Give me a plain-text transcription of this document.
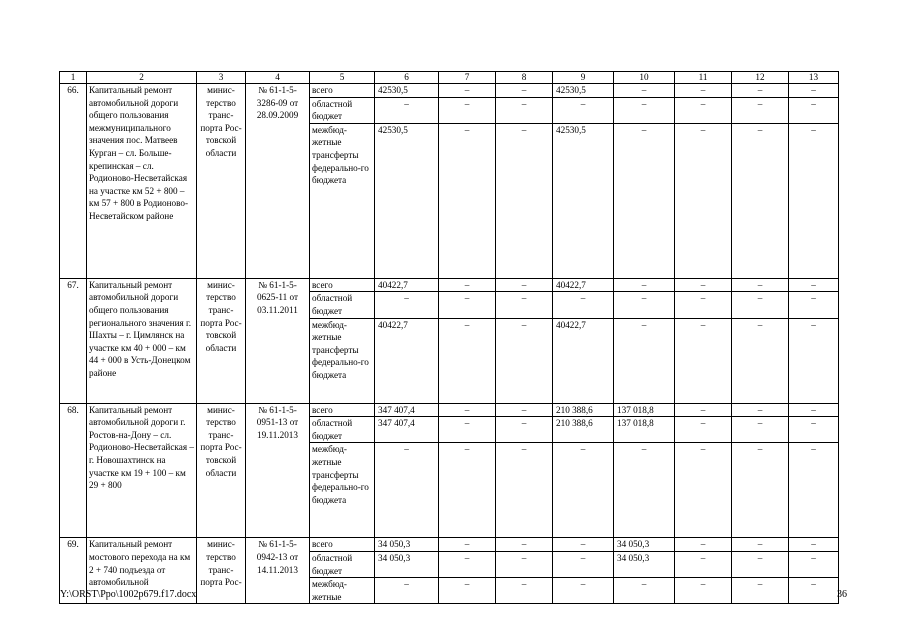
1	2	3	4	5	6	7	8	9	10	11	12	13
66.	Капитальный ремонт автомобильной дороги общего пользования межмуниципального значения пос. Матвеев Курган – сл. Больше-крепинская – сл. Родионово-Несветайская на участке км 52 + 800 – км 57 + 800 в Родионово-Несветайском районе	минис-терство транс-порта Рос-товской области	№ 61-1-5-3286-09 от 28.09.2009	всего	42530,5	–	–	42530,5	–	–	–	–
				областной бюджет	–	–	–	–	–	–	–	–
				межбюд-жетные трансферты федерально-го бюджета	42530,5	–	–	42530,5	–	–	–	–
67.	Капитальный ремонт автомобильной дороги общего пользования регионального значения г. Шахты – г. Цимлянск на участке км 40 + 000 – км 44 + 000 в Усть-Донецком районе	минис-терство транс-порта Рос-товской области	№ 61-1-5-0625-11 от 03.11.2011	всего	40422,7	–	–	40422,7	–	–	–	–
				областной бюджет	–	–	–	–	–	–	–	–
				межбюд-жетные трансферты федерально-го бюджета	40422,7	–	–	40422,7	–	–	–	–
68.	Капитальный ремонт автомобильной дороги г. Ростов-на-Дону – сл. Родионово-Несветайская – г. Новошахтинск на участке км 19 + 100 – км 29 + 800	минис-терство транс-порта Рос-товской области	№ 61-1-5-0951-13 от 19.11.2013	всего	347 407,4	–	–	210 388,6	137 018,8	–	–	–
				областной бюджет	347 407,4	–	–	210 388,6	137 018,8	–	–	–
				межбюд-жетные трансферты федерально-го бюджета	–	–	–	–	–	–	–	–
69.	Капитальный ремонт мостового перехода на км 2 + 740 подъезда от автомобильной	минис-терство транс-порта Рос-	№ 61-1-5-0942-13 от 14.11.2013	всего	34 050,3	–	–	–	34 050,3	–	–	–
				областной бюджет	34 050,3	–	–	–	34 050,3	–	–	–
				межбюд-жетные	–	–	–	–	–	–	–	–
Y:\ORST\Ppo\1002p679.f17.docx	36
